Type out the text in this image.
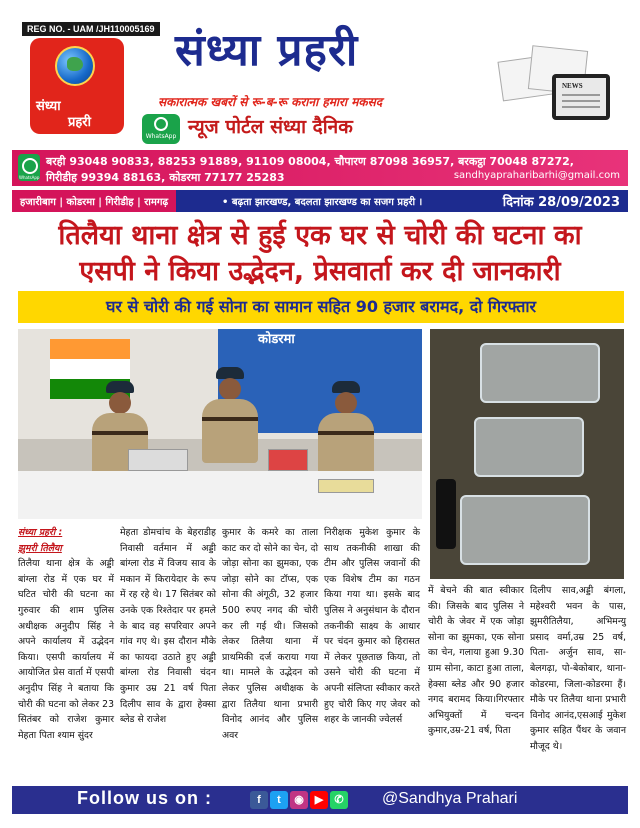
REG NO. - UAM /JH110005169
संध्या
प्रहरी
संध्या प्रहरी
सकारात्मक खबरों से रू-ब-रू कराना हमारा मकसद
WhatsApp न्यूज पोर्टल संध्या दैनिक
NEWS
WhatsApp
बरही 93048 90833, 88253 91889, 91109 08004, चौपारण 87098 36957, बरकट्ठा 70048 87272,
गिरीडीह 99394 88163, कोडरमा 77177 25283	sandhyapraharibarhi@gmail.com
हजारीबाग | कोडरमा | गिरीडीह | रामगढ़	• बढ़ता झारखण्ड, बदलता झारखण्ड का सजग प्रहरी ।	दिनांक 28/09/2023
तिलैया थाना क्षेत्र से हुई एक घर से चोरी की घटना का
एसपी ने किया उद्भेदन, प्रेसवार्ता कर दी जानकारी
घर से चोरी की गई सोना का सामान सहित 90 हजार बरामद, दो गिरफ्तार
कोडरमा
संध्या प्रहरी :
झुमरी तिलैया
तिलैया थाना क्षेत्र के अड्डी बांग्ला रोड में एक घर में घटित चोरी की घटना का गुरुवार की शाम पुलिस अधीक्षक अनुदीप सिंह ने अपने कार्यालय में उद्भेदन किया। एसपी कार्यालय में आयोजित प्रेस वार्ता में एसपी अनुदीप सिंह ने बताया कि चोरी की घटना को लेकर 23 सितंबर को राजेश कुमार मेहता पिता श्याम सुंदर
मेहता डोमचांच के बेहराडीह निवासी वर्तमान में अड्डी बांग्ला रोड में विजय साव के मकान में किरायेदार के रूप में रह रहे थे। 17 सितंबर को उनके एक रिश्तेदार पर हमले के बाद वह सपरिवार अपने गांव गए थे। इस दौरान मौके का फायदा उठाते हुए अड्डी बांग्ला रोड निवासी चंदन कुमार उम्र 21 वर्ष पिता दिलीप साव के द्वारा हेक्सा ब्लेड से राजेश
कुमार के कमरे का ताला काट कर दो सोने का चेन, दो जोड़ा सोना का झुमका, एक जोड़ा सोने का टॉप्स, एक सोना की अंगूठी, 32 हजार 500 रुपए नगद की चोरी कर ली गई थी। जिसको लेकर तिलैया थाना में प्राथमिकी दर्ज कराया गया था। मामले के उद्भेदन को लेकर पुलिस अधीक्षक के द्वारा तिलैया थाना प्रभारी विनोद आनंद और पुलिस अवर
निरीक्षक मुकेश कुमार के साथ तकनीकी शाखा की टीम और पुलिस जवानों की एक विशेष टीम का गठन किया गया था। इसके बाद पुलिस ने अनुसंधान के दौरान तकनीकी साक्ष्य के आधार पर चंदन कुमार को हिरासत में लेकर पूछताछ किया, तो उसने चोरी की घटना में अपनी संलिप्ता स्वीकार करते हुए चोरी किए गए जेवर को शहर के जानकी ज्वेलर्स
में बेचने की बात स्वीकार की। जिसके बाद पुलिस ने चोरी के जेवर में एक जोड़ा सोना का झुमका, एक सोना का चेन, गलाया हुआ 9.30 ग्राम सोना, काटा हुआ ताला, हेक्सा ब्लेड और 90 हजार नगद बरामद किया।गिरफ्तार अभियुक्तों में चन्दन कुमार,उम्र-21 वर्ष, पिता
दिलीप साव,अड्डी बंगला, महेश्वरी भवन के पास, झुमरीतिलैया, अभिमन्यु प्रसाद वर्मा,उम्र 25 वर्ष, पिता- अर्जुन साव, सा-बेलगढ़ा, पो-बेकोबार, थाना-कोडरमा, जिला-कोडरमा हैं।मौके पर तिलैया थाना प्रभारी विनोद आनंद,एसआई मुकेश कुमार सहित पैंथर के जवान मौजूद थे।
Follow us on :	f	t	◉ ▶	✆ @Sandhya Prahari
